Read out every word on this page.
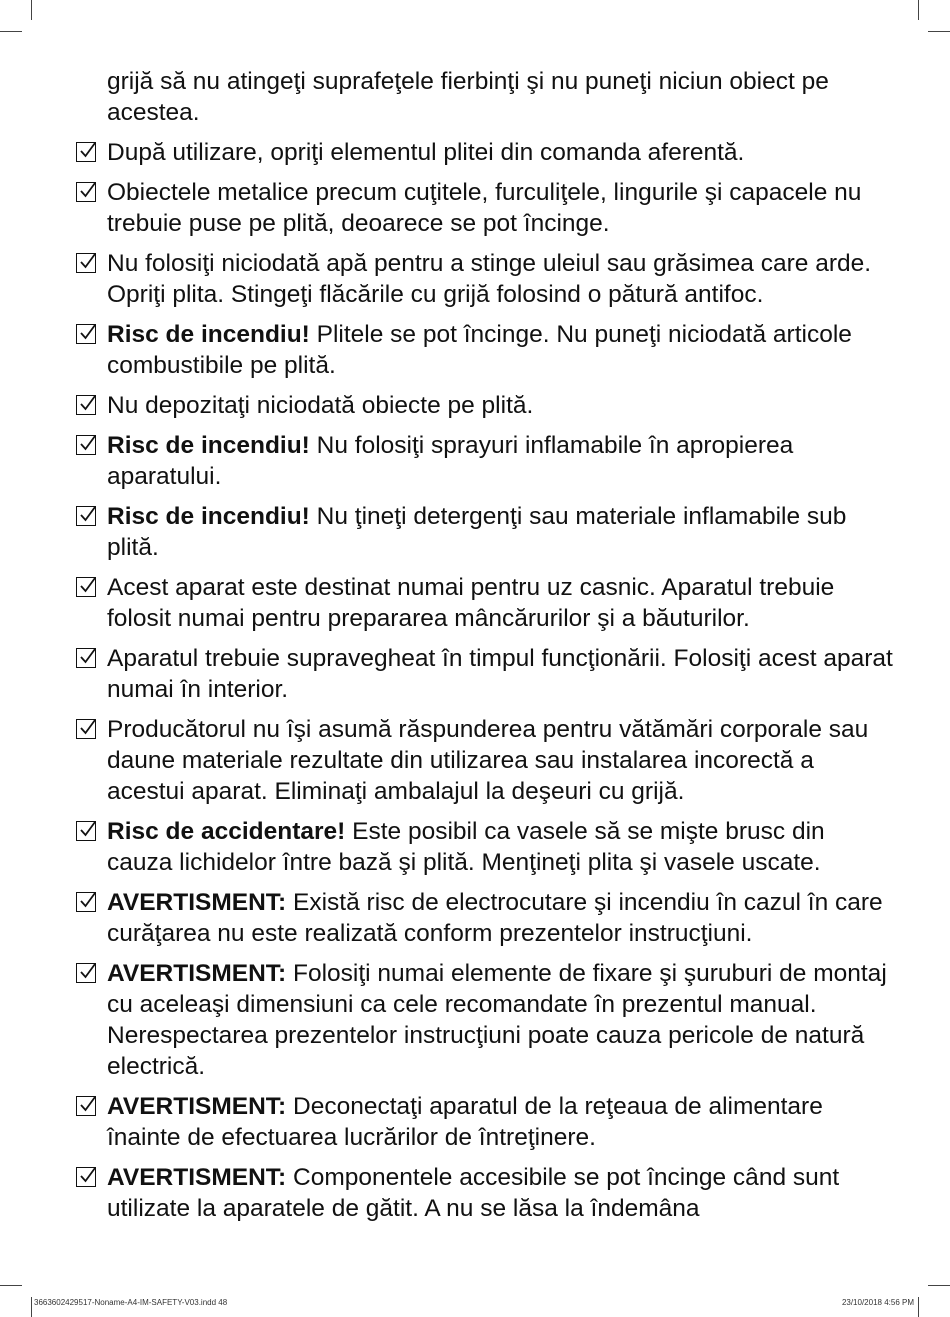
grijă să nu atingeţi suprafeţele fierbinţi şi nu puneţi niciun obiect pe acestea.

După utilizare, opriţi elementul plitei din comanda aferentă.

Obiectele metalice precum cuţitele, furculiţele, lingurile şi capacele nu trebuie puse pe plită, deoarece se pot încinge.

Nu folosiţi niciodată apă pentru a stinge uleiul sau grăsimea care arde. Opriţi plita. Stingeţi flăcările cu grijă folosind o pătură antifoc.

Risc de incendiu! Plitele se pot încinge. Nu puneţi niciodată articole combustibile pe plită.

Nu depozitaţi niciodată obiecte pe plită.

Risc de incendiu! Nu folosiţi sprayuri inflamabile în apropierea aparatului.

Risc de incendiu! Nu ţineţi detergenţi sau materiale inflamabile sub plită.

Acest aparat este destinat numai pentru uz casnic. Aparatul trebuie folosit numai pentru prepararea mâncărurilor şi a băuturilor.

Aparatul trebuie supravegheat în timpul funcţionării. Folosiţi acest aparat numai în interior.

Producătorul nu îşi asumă răspunderea pentru vătămări corporale sau daune materiale rezultate din utilizarea sau instalarea incorectă a acestui aparat. Eliminaţi ambalajul la deşeuri cu grijă.

Risc de accidentare! Este posibil ca vasele să se mişte brusc din cauza lichidelor între bază şi plită. Menţineţi plita şi vasele uscate.

AVERTISMENT: Există risc de electrocutare şi incendiu în cazul în care curăţarea nu este realizată conform prezentelor instrucţiuni.

AVERTISMENT: Folosiţi numai elemente de fixare şi şuruburi de montaj cu aceleaşi dimensiuni ca cele recomandate în prezentul manual. Nerespectarea prezentelor instrucţiuni poate cauza pericole de natură electrică.

AVERTISMENT: Deconectaţi aparatul de la reţeaua de alimentare înainte de efectuarea lucrărilor de întreţinere.

AVERTISMENT: Componentele accesibile se pot încinge când sunt utilizate la aparatele de gătit. A nu se lăsa la îndemâna

3663602429517-Noname-A4-IM-SAFETY-V03.indd 48	23/10/2018 4:56 PM
